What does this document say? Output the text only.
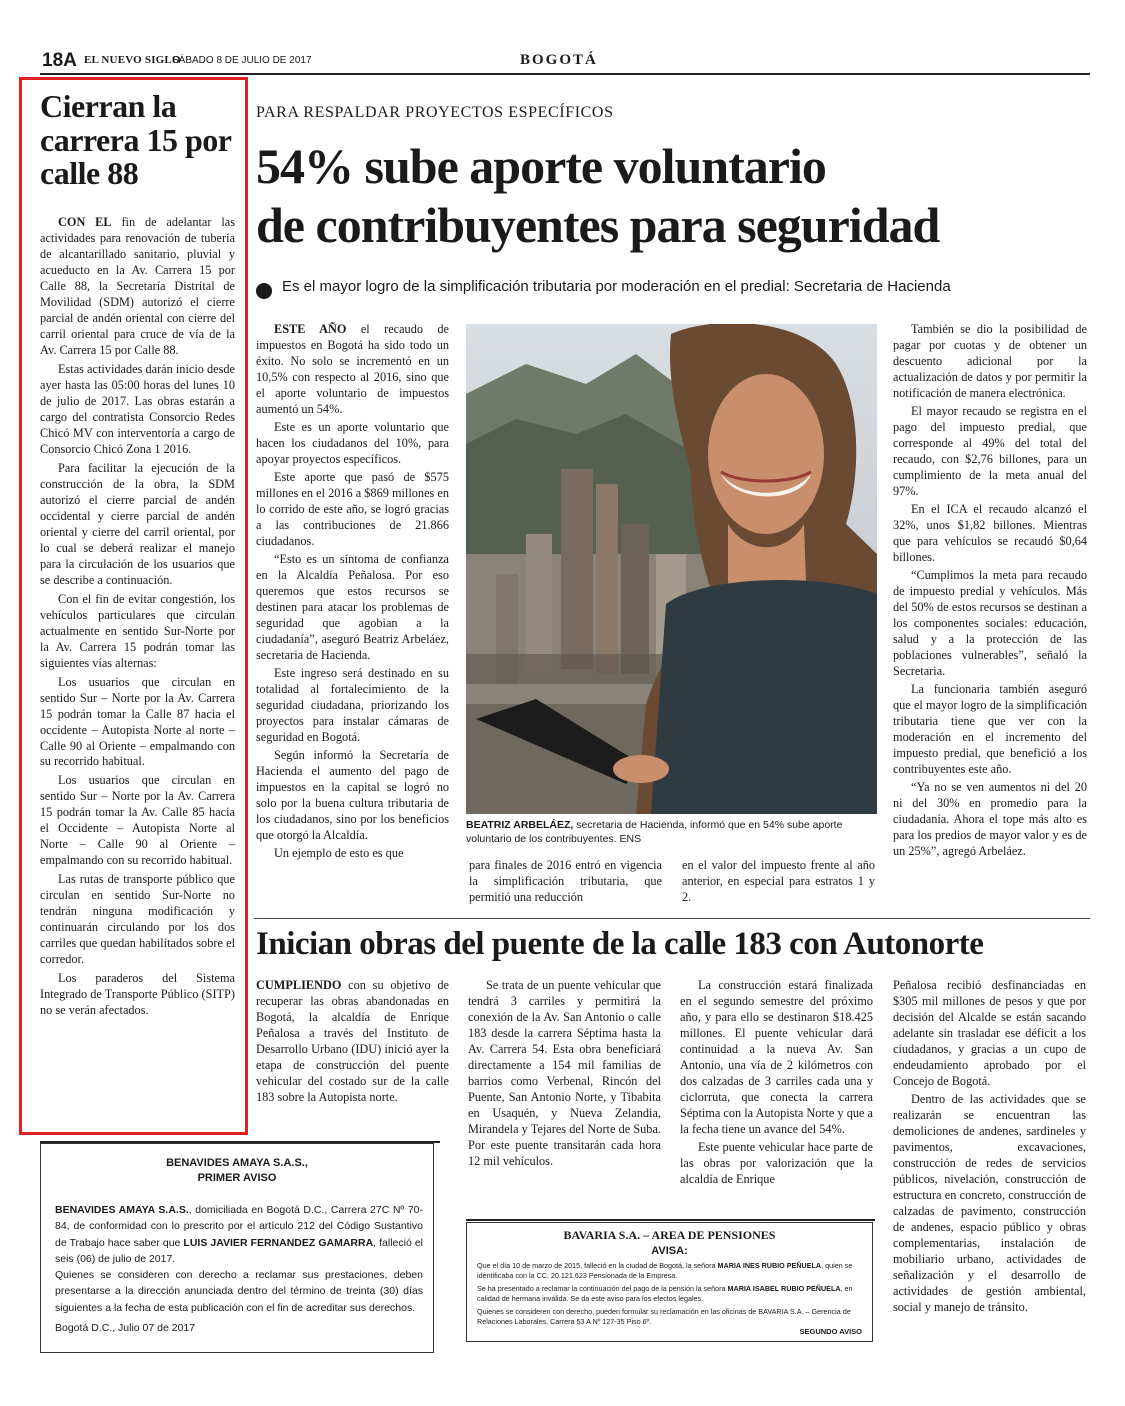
18A EL NUEVO SIGLO
SÁBADO 8 DE JULIO DE 2017	BOGOTÁ
Cierran la carrera 15 por calle 88

CON EL fin de adelantar las actividades para renovación de tubería de alcantarillado sanitario, pluvial y acueducto en la Av. Carrera 15 por Calle 88, la Secretaría Distrital de Movilidad (SDM) autorizó el cierre parcial de andén oriental con cierre del carril oriental para cruce de vía de la Av. Carrera 15 por Calle 88.

Estas actividades darán inicio desde ayer hasta las 05:00 horas del lunes 10 de julio de 2017. Las obras estarán a cargo del contratista Consorcio Redes Chicó MV con interventoría a cargo de Consorcio Chicó Zona 1 2016.

Para facilitar la ejecución de la construcción de la obra, la SDM autorizó el cierre parcial de andén occidental y cierre parcial de andén oriental y cierre del carril oriental, por lo cual se deberá realizar el manejo para la circulación de los usuarios que se describe a continuación.

Con el fin de evitar congestión, los vehículos particulares que circulan actualmente en sentido Sur-Norte por la Av. Carrera 15 podrán tomar las siguientes vías alternas:

Los usuarios que circulan en sentido Sur – Norte por la Av. Carrera 15 podrán tomar la Calle 87 hacia el occidente – Autopista Norte al norte – Calle 90 al Oriente – empalmando con su recorrido habitual.

Los usuarios que circulan en sentido Sur – Norte por la Av. Carrera 15 podrán tomar la Av. Calle 85 hacia el Occidente – Autopista Norte al Norte – Calle 90 al Oriente – empalmando con su recorrido habitual.

Las rutas de transporte público que circulan en sentido Sur-Norte no tendrán ninguna modificación y continuarán circulando por los dos carriles que quedan habilitados sobre el corredor.

Los paraderos del Sistema Integrado de Transporte Público (SITP) no se verán afectados.

PARA RESPALDAR PROYECTOS ESPECÍFICOS
54% sube aporte voluntario
de contribuyentes para seguridad
Es el mayor logro de la simplificación tributaria por moderación en el predial: Secretaria de Hacienda

ESTE AÑO el recaudo de impuestos en Bogotá ha sido todo un éxito. No solo se incrementó en un 10,5% con respecto al 2016, sino que el aporte voluntario de impuestos aumentó un 54%.

Este es un aporte voluntario que hacen los ciudadanos del 10%, para apoyar proyectos específicos.

Este aporte que pasó de $575 millones en el 2016 a $869 millones en lo corrido de este año, se logró gracias a las contribuciones de 21.866 ciudadanos.

“Esto es un síntoma de confianza en la Alcaldía Peñalosa. Por eso queremos que estos recursos se destinen para atacar los problemas de seguridad que agobian a la ciudadanía”, aseguró Beatriz Arbeláez, secretaria de Hacienda.

Este ingreso será destinado en su totalidad al fortalecimiento de la seguridad ciudadana, priorizando los proyectos para instalar cámaras de seguridad en Bogotá.

Según informó la Secretaría de Hacienda el aumento del pago de impuestos en la capital se logró no solo por la buena cultura tributaria de los ciudadanos, sino por los beneficios que otorgó la Alcaldía.

Un ejemplo de esto es que

BEATRIZ ARBELÁEZ, secretaria de Hacienda, informó que en 54% sube aporte voluntario de los contribuyentes. ENS
para finales de 2016 entró en vigencia la simplificación tributaria, que permitió una reducción
en el valor del impuesto frente al año anterior, en especial para estratos 1 y 2.

También se dio la posibilidad de pagar por cuotas y de obtener un descuento adicional por la actualización de datos y por permitir la notificación de manera electrónica.

El mayor recaudo se registra en el pago del impuesto predial, que corresponde al 49% del total del recaudo, con $2,76 billones, para un cumplimiento de la meta anual del 97%.

En el ICA el recaudo alcanzó el 32%, unos $1,82 billones. Mientras que para vehículos se recaudó $0,64 billones.

“Cumplimos la meta para recaudo de impuesto predial y vehículos. Más del 50% de estos recursos se destinan a los componentes sociales: educación, salud y a la protección de las poblaciones vulnerables”, señaló la Secretaria.

La funcionaria también aseguró que el mayor logro de la simplificación tributaria tiene que ver con la moderación en el incremento del impuesto predial, que benefició a los contribuyentes este año.

“Ya no se ven aumentos ni del 20 ni del 30% en promedio para la ciudadanía. Ahora el tope más alto es para los predios de mayor valor y es de un 25%”, agregó Arbeláez.

Inician obras del puente de la calle 183 con Autonorte

CUMPLIENDO con su objetivo de recuperar las obras abandonadas en Bogotá, la alcaldía de Enrique Peñalosa a través del Instituto de Desarrollo Urbano (IDU) inició ayer la etapa de construcción del puente vehicular del costado sur de la calle 183 sobre la Autopista norte.

Se trata de un puente vehicular que tendrá 3 carriles y permitirá la conexión de la Av. San Antonio o calle 183 desde la carrera Séptima hasta la Av. Carrera 54. Esta obra beneficiará directamente a 154 mil familias de barrios como Verbenal, Rincón del Puente, San Antonio Norte, y Tibabita en Usaquén, y Nueva Zelandia, Mirandela y Tejares del Norte de Suba. Por este puente transitarán cada hora 12 mil vehículos.

La construcción estará finalizada en el segundo semestre del próximo año, y para ello se destinaron $18.425 millones. El puente vehicular dará continuidad a la nueva Av. San Antonio, una vía de 2 kilómetros con dos calzadas de 3 carriles cada una y ciclorruta, que conecta la carrera Séptima con la Autopista Norte y que a la fecha tiene un avance del 54%.

Este puente vehicular hace parte de las obras por valorización que la alcaldía de Enrique

Peñalosa recibió desfinanciadas en $305 mil millones de pesos y que por decisión del Alcalde se están sacando adelante sin trasladar ese déficit a los ciudadanos, y gracias a un cupo de endeudamiento aprobado por el Concejo de Bogotá.

Dentro de las actividades que se realizarán se encuentran las demoliciones de andenes, sardineles y pavimentos, excavaciones, construcción de redes de servicios públicos, nivelación, construcción de estructura en concreto, construcción de calzadas de pavimento, construcción de andenes, espacio público y obras complementarias, instalación de mobiliario urbano, actividades de señalización y el desarrollo de actividades de gestión ambiental, social y manejo de tránsito.

BENAVIDES AMAYA S.A.S.,
PRIMER AVISO

BENAVIDES AMAYA S.A.S., domiciliada en Bogotá D.C., Carrera 27C Nº 70-84, de conformidad con lo prescrito por el artículo 212 del Código Sustantivo de Trabajo hace saber que LUIS JAVIER FERNANDEZ GAMARRA, falleció el seis (06) de julio de 2017.

Quienes se consideren con derecho a reclamar sus prestaciones, deben presentarse a la dirección anunciada dentro del término de treinta (30) días siguientes a la fecha de esta publicación con el fin de acreditar sus derechos.

Bogotá D.C., Julio 07 de 2017
BAVARIA S.A. – AREA DE PENSIONES
AVISA:

Que el día 10 de marzo de 2015, falleció en la ciudad de Bogotá, la señora MARIA INES RUBIO PEÑUELA, quien se identificaba con la CC. 20.121.623 Pensionada de la Empresa.

Se ha presentado a reclamar la continuación del pago de la pensión la señora MARIA ISABEL RUBIO PEÑUELA, en calidad de hermana inválida. Se da este aviso para los efectos legales.

Quienes se consideren con derecho, pueden formular su reclamación en las oficinas de BAVARIA S.A. – Gerencia de Relaciones Laborales. Carrera 53 A Nº 127-35 Piso 6º.

SEGUNDO AVISO
